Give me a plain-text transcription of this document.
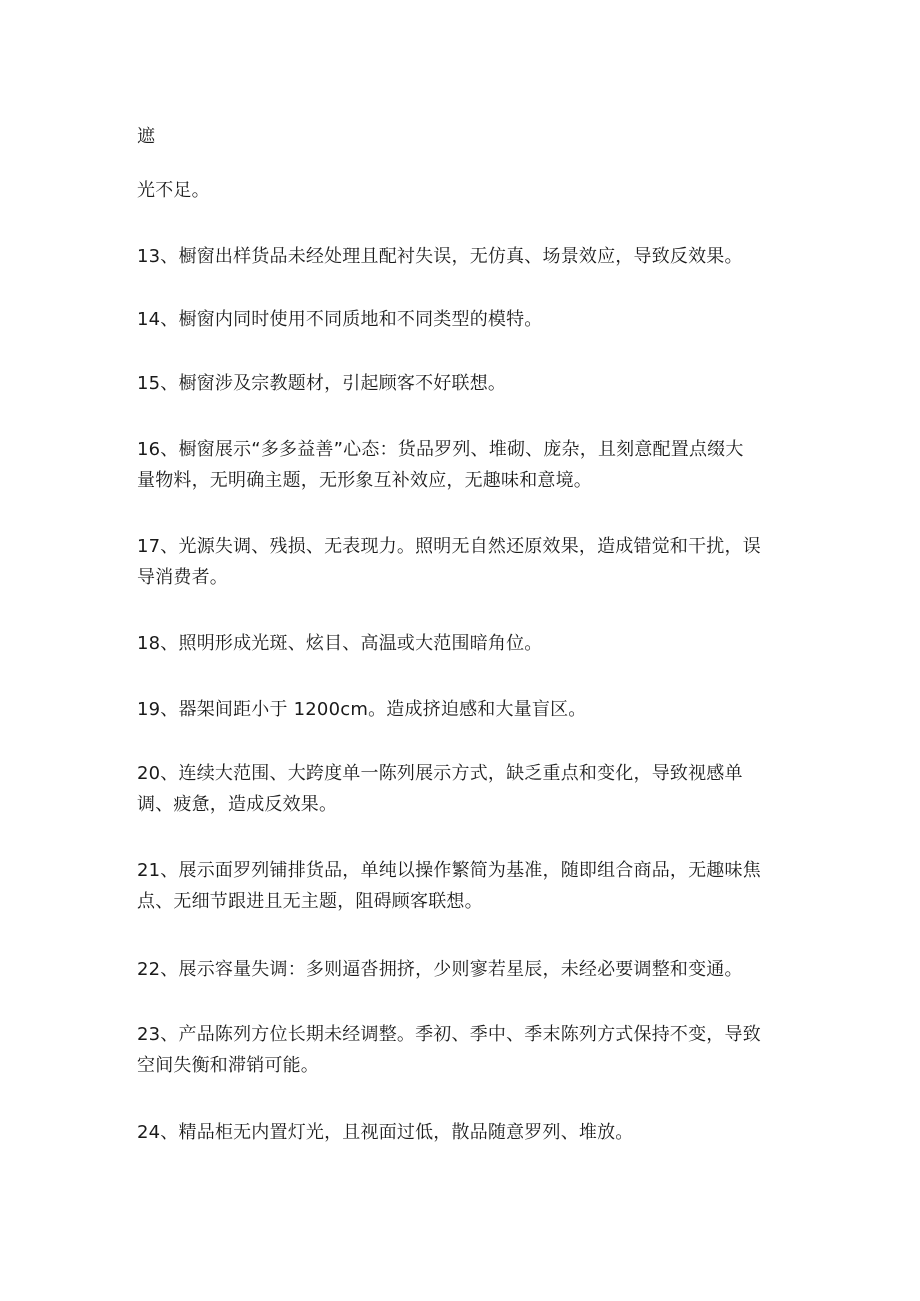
遮
光不足。
13、橱窗出样货品未经处理且配衬失误，无仿真、场景效应，导致反效果。
14、橱窗内同时使用不同质地和不同类型的模特。
15、橱窗涉及宗教题材，引起顾客不好联想。
16、橱窗展示“多多益善”心态：货品罗列、堆砌、庞杂，且刻意配置点缀大
量物料，无明确主题，无形象互补效应，无趣味和意境。
17、光源失调、残损、无表现力。照明无自然还原效果，造成错觉和干扰，误
导消费者。
18、照明形成光斑、炫目、高温或大范围暗角位。
19、器架间距小于 1200cm。造成挤迫感和大量盲区。
20、连续大范围、大跨度单一陈列展示方式，缺乏重点和变化，导致视感单
调、疲惫，造成反效果。
21、展示面罗列铺排货品，单纯以操作繁简为基准，随即组合商品，无趣味焦
点、无细节跟进且无主题，阻碍顾客联想。
22、展示容量失调：多则逼沓拥挤，少则寥若星辰，未经必要调整和变通。
23、产品陈列方位长期未经调整。季初、季中、季末陈列方式保持不变，导致
空间失衡和滞销可能。
24、精品柜无内置灯光，且视面过低，散品随意罗列、堆放。
